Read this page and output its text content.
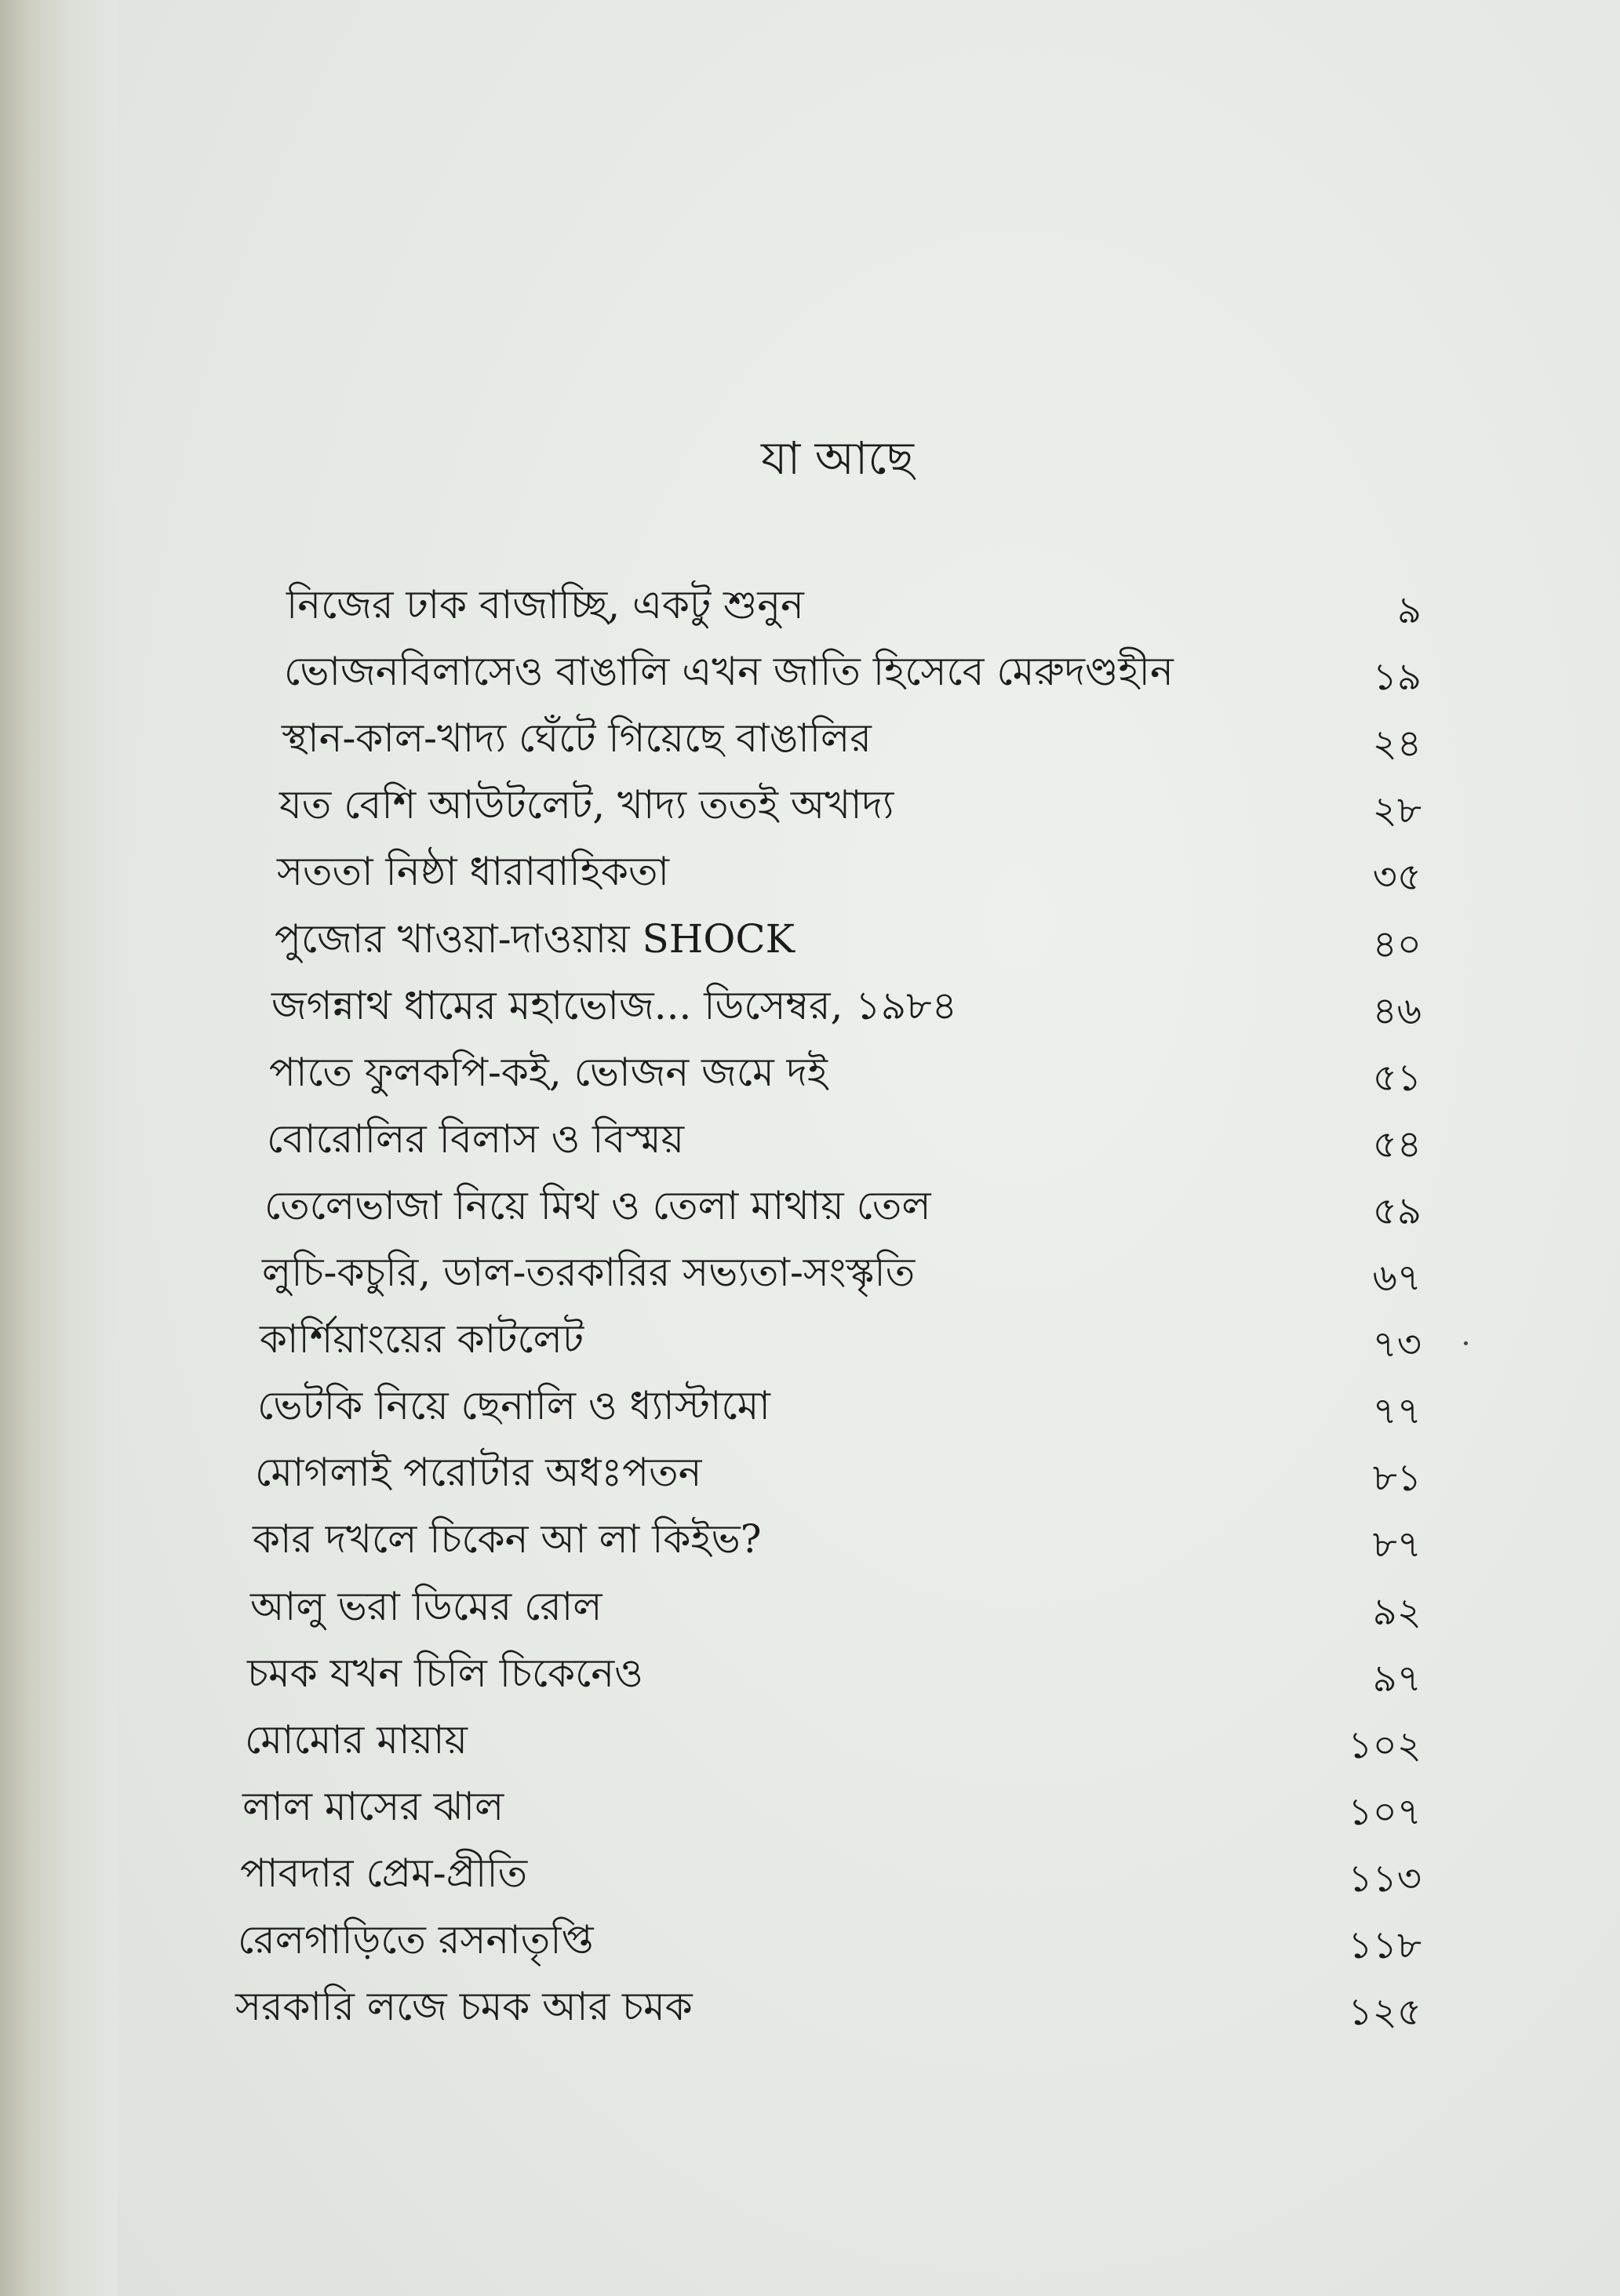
যা আছে
নিজের ঢাক বাজাচ্ছি, একটু শুনুন	৯
ভোজনবিলাসেও বাঙালি এখন জাতি হিসেবে মেরুদণ্ডহীন	১৯
স্থান-কাল-খাদ্য ঘেঁটে গিয়েছে বাঙালির	২৪
যত বেশি আউটলেট, খাদ্য ততই অখাদ্য	২৮
সততা নিষ্ঠা ধারাবাহিকতা	৩৫
পুজোর খাওয়া-দাওয়ায় SHOCK	৪০
জগন্নাথ ধামের মহাভোজ... ডিসেম্বর, ১৯৮৪	৪৬
পাতে ফুলকপি-কই, ভোজন জমে দই	৫১
বোরোলির বিলাস ও বিস্ময়	৫৪
তেলেভাজা নিয়ে মিথ ও তেলা মাথায় তেল	৫৯
লুচি-কচুরি, ডাল-তরকারির সভ্যতা-সংস্কৃতি	৬৭
কার্শিয়াংয়ের কাটলেট	৭৩
ভেটকি নিয়ে ছেনালি ও ধ্যাস্টামো	৭৭
মোগলাই পরোটার অধঃপতন	৮১
কার দখলে চিকেন আ লা কিইভ?	৮৭
আলু ভরা ডিমের রোল	৯২
চমক যখন চিলি চিকেনেও	৯৭
মোমোর মায়ায়	১০২
লাল মাসের ঝাল	১০৭
পাবদার প্রেম-প্রীতি	১১৩
রেলগাড়িতে রসনাতৃপ্তি	১১৮
সরকারি লজে চমক আর চমক	১২৫
